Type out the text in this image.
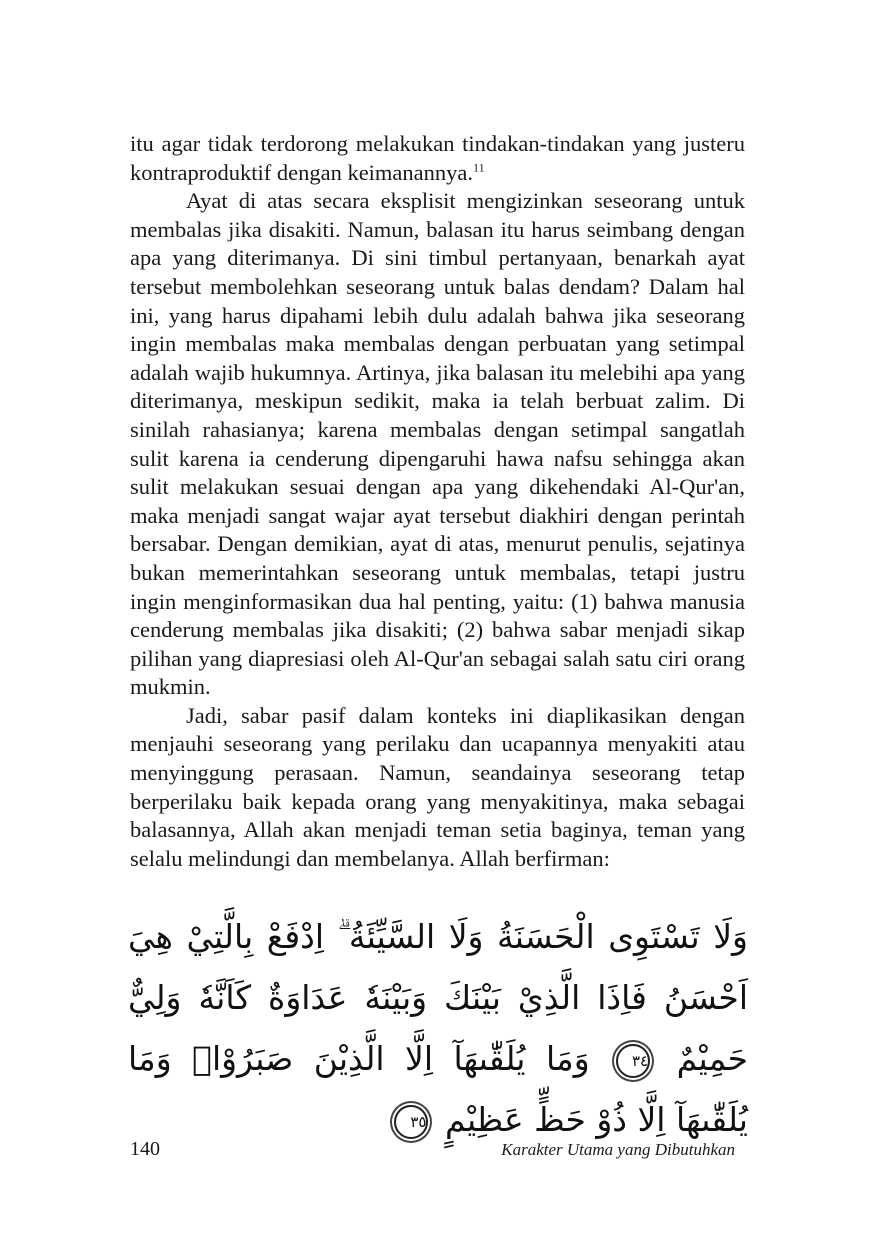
itu agar tidak terdorong melakukan tindakan-tindakan yang justeru kontraproduktif dengan keimanannya.$^{11}$

Ayat di atas secara eksplisit mengizinkan seseorang untuk membalas jika disakiti. Namun, balasan itu harus seimbang dengan apa yang diterimanya. Di sini timbul pertanyaan, benarkah ayat tersebut membolehkan seseorang untuk balas dendam? Dalam hal ini, yang harus dipahami lebih dulu adalah bahwa jika seseorang ingin membalas maka membalas dengan perbuatan yang setimpal adalah wajib hukumnya. Artinya, jika balasan itu melebihi apa yang diterimanya, meskipun sedikit, maka ia telah berbuat zalim. Di sinilah rahasianya; karena membalas dengan setimpal sangatlah sulit karena ia cenderung dipengaruhi hawa nafsu sehingga akan sulit melakukan sesuai dengan apa yang dikehendaki Al-Qur'an, maka menjadi sangat wajar ayat tersebut diakhiri dengan perintah bersabar. Dengan demikian, ayat di atas, menurut penulis, sejatinya bukan memerintahkan seseorang untuk membalas, tetapi justru ingin menginformasikan dua hal penting, yaitu: (1) bahwa manusia cenderung membalas jika disakiti; (2) bahwa sabar menjadi sikap pilihan yang diapresiasi oleh Al-Qur'an sebagai salah satu ciri orang mukmin.

Jadi, sabar pasif dalam konteks ini diaplikasikan dengan menjauhi seseorang yang perilaku dan ucapannya menyakiti atau menyinggung perasaan. Namun, seandainya seseorang tetap berperilaku baik kepada orang yang menyakitinya, maka sebagai balasannya, Allah akan menjadi teman setia baginya, teman yang selalu melindungi dan membelanya. Allah berfirman:

وَلَا تَسْتَوِى الْحَسَنَةُ وَلَا السَّيِّئَةُ ۗ اِدْفَعْ بِالَّتِيْ هِيَ اَحْسَنُ فَاِذَا الَّذِيْ بَيْنَكَ وَبَيْنَهٗ عَدَاوَةٌ كَاَنَّهٗ وَلِيٌّ حَمِيْمٌ ٣٤ وَمَا يُلَقّٰىهَآ اِلَّا الَّذِيْنَ صَبَرُوْاۚ وَمَا يُلَقّٰىهَآ اِلَّا ذُوْ حَظٍّ عَظِيْمٍ ٣٥
140	Karakter Utama yang Dibutuhkan
